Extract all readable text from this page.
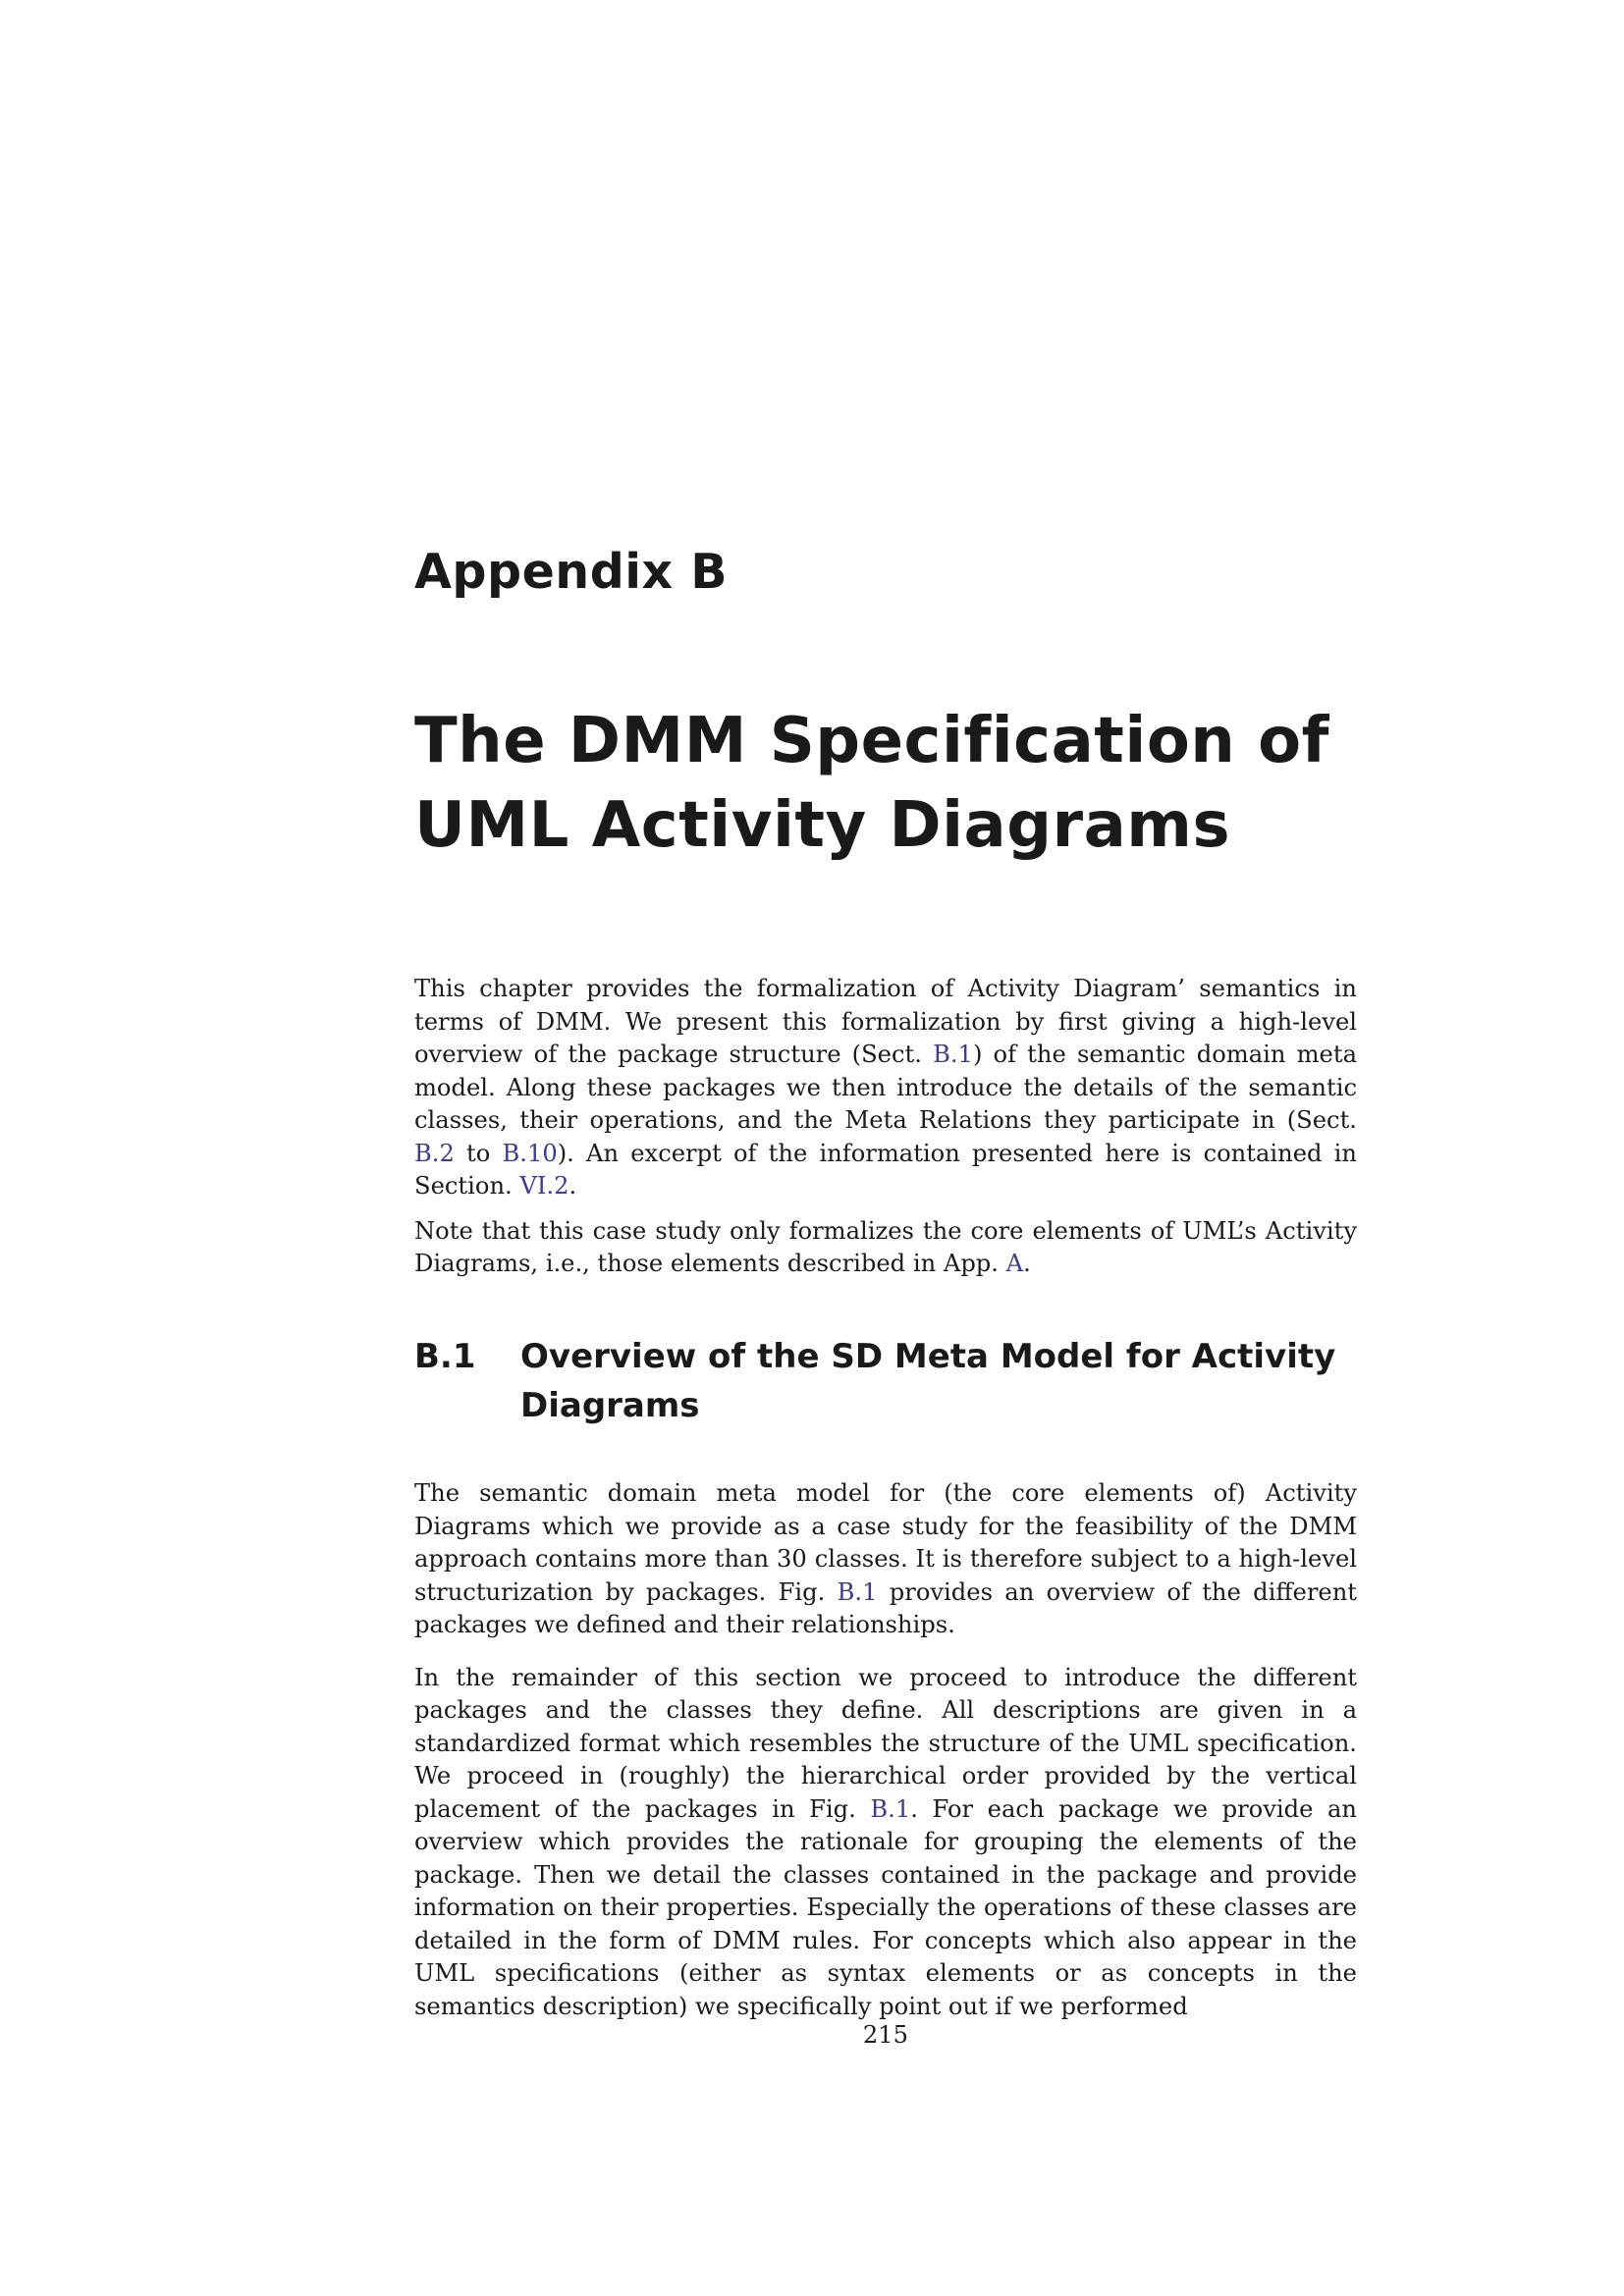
Appendix B
The DMM Specification of UML Activity Diagrams

This chapter provides the formalization of Activity Diagram’ semantics in terms of DMM. We present this formalization by first giving a high-level overview of the package structure (Sect. B.1) of the semantic domain meta model. Along these packages we then introduce the details of the semantic classes, their operations, and the Meta Relations they participate in (Sect. B.2 to B.10). An excerpt of the information presented here is contained in Section. VI.2.

Note that this case study only formalizes the core elements of UML’s Activity Diagrams, i.e., those elements described in App. A.

B.1	Overview of the SD Meta Model for Activity Diagrams

The semantic domain meta model for (the core elements of) Activity Diagrams which we provide as a case study for the feasibility of the DMM approach contains more than 30 classes. It is therefore subject to a high-level structurization by packages. Fig. B.1 provides an overview of the different packages we defined and their relationships.

In the remainder of this section we proceed to introduce the different packages and the classes they define. All descriptions are given in a standardized format which resembles the structure of the UML specification. We proceed in (roughly) the hierarchical order provided by the vertical placement of the packages in Fig. B.1. For each package we provide an overview which provides the rationale for grouping the elements of the package. Then we detail the classes contained in the package and provide information on their properties. Especially the operations of these classes are detailed in the form of DMM rules. For concepts which also appear in the UML specifications (either as syntax elements or as concepts in the semantics description) we specifically point out if we performed

215
